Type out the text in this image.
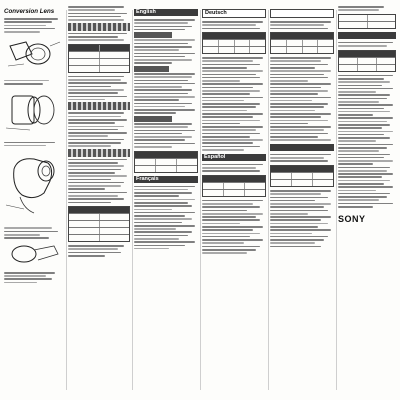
Conversion Lens	English
Français
Deutsch
Español
SONY
